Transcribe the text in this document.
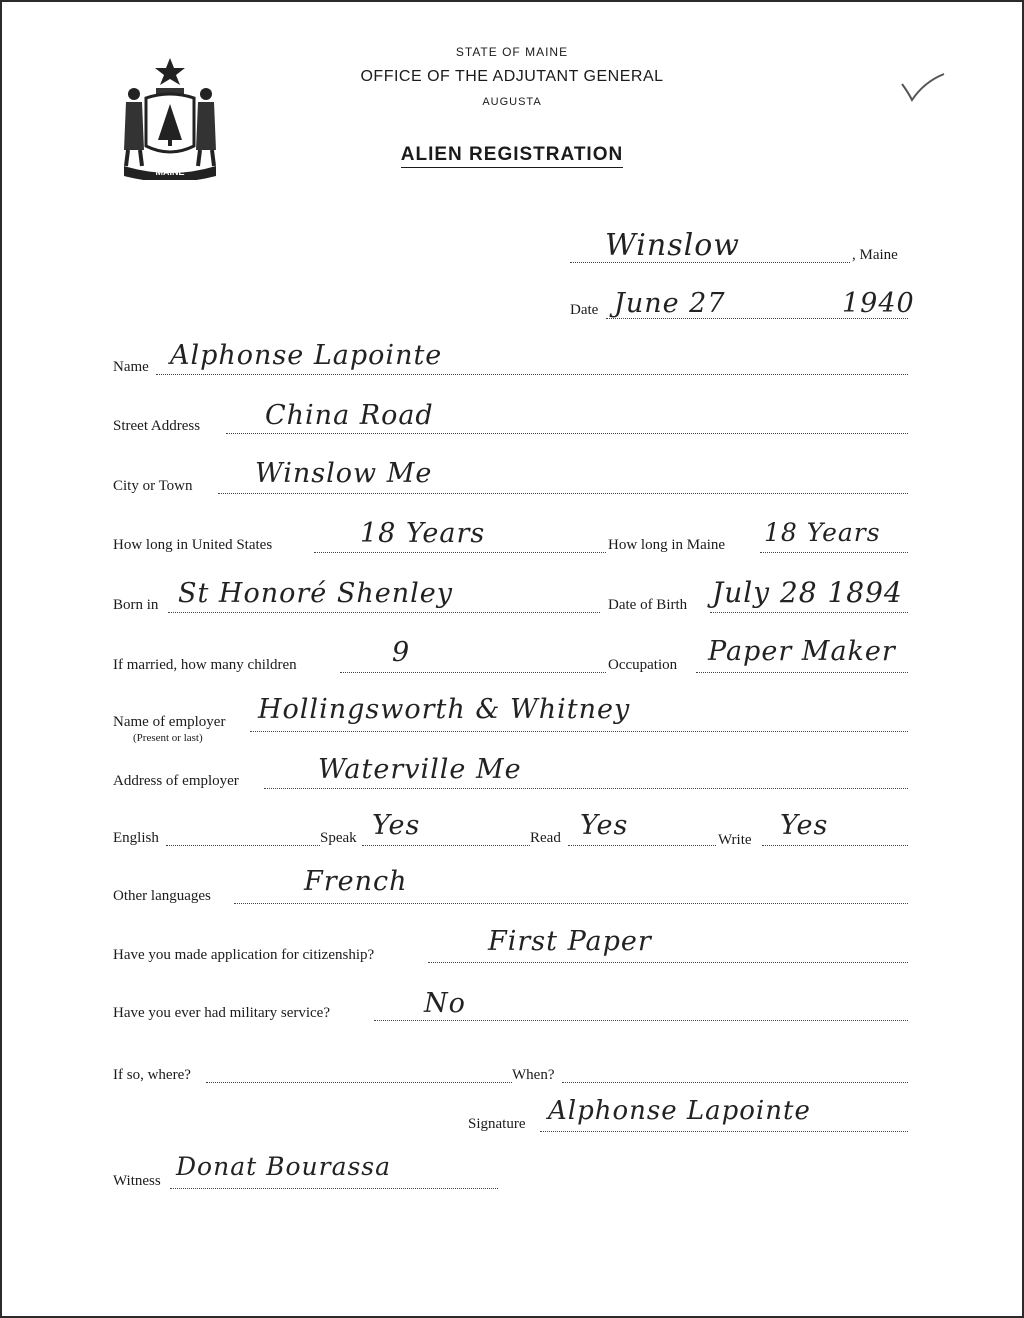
MAINE
STATE OF MAINE
OFFICE OF THE ADJUTANT GENERAL
AUGUSTA
ALIEN REGISTRATION
Winslow	, Maine
Date June 27	1940
Name Alphonse Lapointe
Street Address China Road
City or Town Winslow Me
How long in United States	18 Years	How long in Maine 18 Years
Born in St Honoré Shenley	Date of Birth July 28 1894
If married, how many children	9	Occupation Paper Maker
Name of employer
(Present or last)
Hollingsworth & Whitney
Address of employer	Waterville Me
English	Speak Yes	Read Yes	Write Yes
Other languages	French
Have you made application for citizenship?	First Paper
Have you ever had military service?	No
If so, where?	When?
Signature Alphonse Lapointe
Witness Donat Bourassa
